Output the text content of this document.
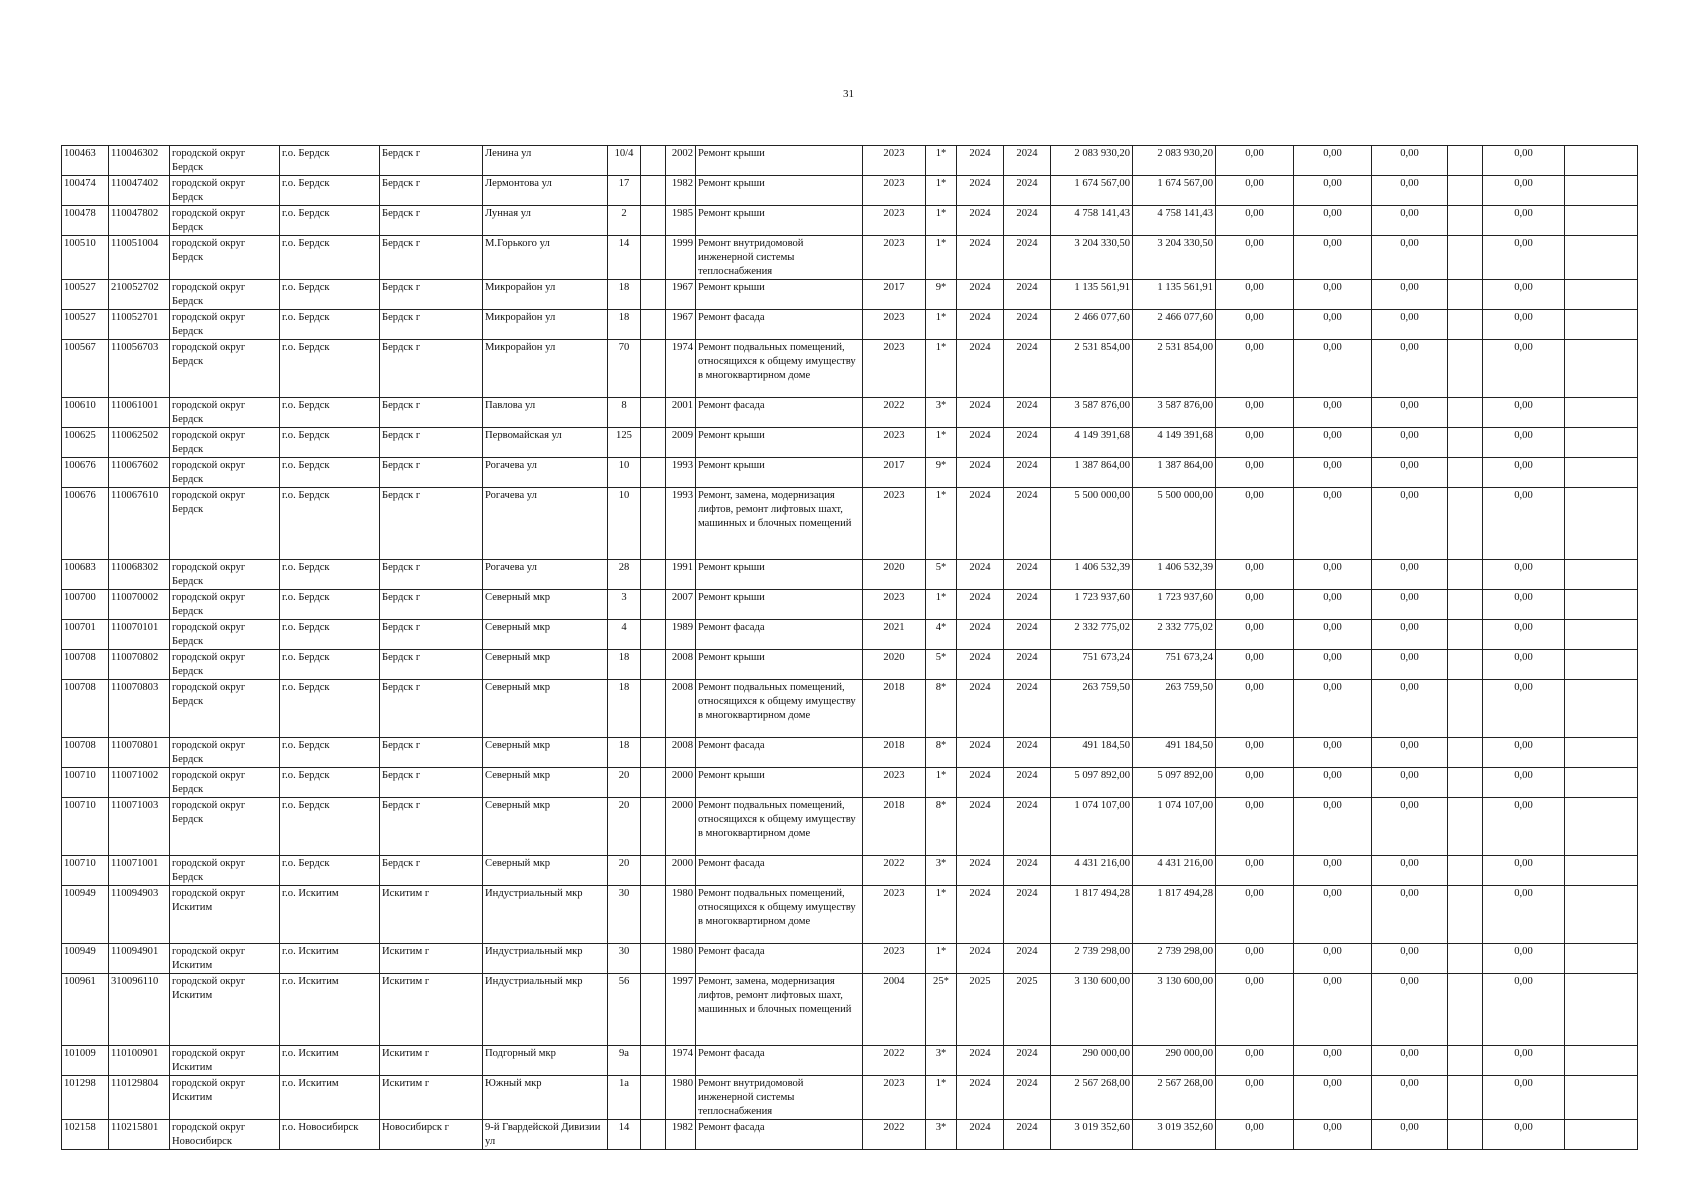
31
100463	110046302	городской округ Бердск	г.о. Бердск	Бердск г	Ленина ул	10/4		2002	Ремонт крыши	2023	1*	2024	2024	2 083 930,20	2 083 930,20	0,00	0,00	0,00		0,00	
100474	110047402	городской округ Бердск	г.о. Бердск	Бердск г	Лермонтова ул	17		1982	Ремонт крыши	2023	1*	2024	2024	1 674 567,00	1 674 567,00	0,00	0,00	0,00		0,00	
100478	110047802	городской округ Бердск	г.о. Бердск	Бердск г	Лунная ул	2		1985	Ремонт крыши	2023	1*	2024	2024	4 758 141,43	4 758 141,43	0,00	0,00	0,00		0,00	
100510	110051004	городской округ Бердск	г.о. Бердск	Бердск г	М.Горького ул	14		1999	Ремонт внутридомовой инженерной системы теплоснабжения	2023	1*	2024	2024	3 204 330,50	3 204 330,50	0,00	0,00	0,00		0,00	
100527	210052702	городской округ Бердск	г.о. Бердск	Бердск г	Микрорайон ул	18		1967	Ремонт крыши	2017	9*	2024	2024	1 135 561,91	1 135 561,91	0,00	0,00	0,00		0,00	
100527	110052701	городской округ Бердск	г.о. Бердск	Бердск г	Микрорайон ул	18		1967	Ремонт фасада	2023	1*	2024	2024	2 466 077,60	2 466 077,60	0,00	0,00	0,00		0,00	
100567	110056703	городской округ Бердск	г.о. Бердск	Бердск г	Микрорайон ул	70		1974	Ремонт подвальных помещений, относящихся к общему имуществу в многоквартирном доме	2023	1*	2024	2024	2 531 854,00	2 531 854,00	0,00	0,00	0,00		0,00	
100610	110061001	городской округ Бердск	г.о. Бердск	Бердск г	Павлова ул	8		2001	Ремонт фасада	2022	3*	2024	2024	3 587 876,00	3 587 876,00	0,00	0,00	0,00		0,00	
100625	110062502	городской округ Бердск	г.о. Бердск	Бердск г	Первомайская ул	125		2009	Ремонт крыши	2023	1*	2024	2024	4 149 391,68	4 149 391,68	0,00	0,00	0,00		0,00	
100676	110067602	городской округ Бердск	г.о. Бердск	Бердск г	Рогачева ул	10		1993	Ремонт крыши	2017	9*	2024	2024	1 387 864,00	1 387 864,00	0,00	0,00	0,00		0,00	
100676	110067610	городской округ Бердск	г.о. Бердск	Бердск г	Рогачева ул	10		1993	Ремонт, замена, модернизация лифтов, ремонт лифтовых шахт, машинных и блочных помещений	2023	1*	2024	2024	5 500 000,00	5 500 000,00	0,00	0,00	0,00		0,00	
100683	110068302	городской округ Бердск	г.о. Бердск	Бердск г	Рогачева ул	28		1991	Ремонт крыши	2020	5*	2024	2024	1 406 532,39	1 406 532,39	0,00	0,00	0,00		0,00	
100700	110070002	городской округ Бердск	г.о. Бердск	Бердск г	Северный мкр	3		2007	Ремонт крыши	2023	1*	2024	2024	1 723 937,60	1 723 937,60	0,00	0,00	0,00		0,00	
100701	110070101	городской округ Бердск	г.о. Бердск	Бердск г	Северный мкр	4		1989	Ремонт фасада	2021	4*	2024	2024	2 332 775,02	2 332 775,02	0,00	0,00	0,00		0,00	
100708	110070802	городской округ Бердск	г.о. Бердск	Бердск г	Северный мкр	18		2008	Ремонт крыши	2020	5*	2024	2024	751 673,24	751 673,24	0,00	0,00	0,00		0,00	
100708	110070803	городской округ Бердск	г.о. Бердск	Бердск г	Северный мкр	18		2008	Ремонт подвальных помещений, относящихся к общему имуществу в многоквартирном доме	2018	8*	2024	2024	263 759,50	263 759,50	0,00	0,00	0,00		0,00	
100708	110070801	городской округ Бердск	г.о. Бердск	Бердск г	Северный мкр	18		2008	Ремонт фасада	2018	8*	2024	2024	491 184,50	491 184,50	0,00	0,00	0,00		0,00	
100710	110071002	городской округ Бердск	г.о. Бердск	Бердск г	Северный мкр	20		2000	Ремонт крыши	2023	1*	2024	2024	5 097 892,00	5 097 892,00	0,00	0,00	0,00		0,00	
100710	110071003	городской округ Бердск	г.о. Бердск	Бердск г	Северный мкр	20		2000	Ремонт подвальных помещений, относящихся к общему имуществу в многоквартирном доме	2018	8*	2024	2024	1 074 107,00	1 074 107,00	0,00	0,00	0,00		0,00	
100710	110071001	городской округ Бердск	г.о. Бердск	Бердск г	Северный мкр	20		2000	Ремонт фасада	2022	3*	2024	2024	4 431 216,00	4 431 216,00	0,00	0,00	0,00		0,00	
100949	110094903	городской округ Искитим	г.о. Искитим	Искитим г	Индустриальный мкр	30		1980	Ремонт подвальных помещений, относящихся к общему имуществу в многоквартирном доме	2023	1*	2024	2024	1 817 494,28	1 817 494,28	0,00	0,00	0,00		0,00	
100949	110094901	городской округ Искитим	г.о. Искитим	Искитим г	Индустриальный мкр	30		1980	Ремонт фасада	2023	1*	2024	2024	2 739 298,00	2 739 298,00	0,00	0,00	0,00		0,00	
100961	310096110	городской округ Искитим	г.о. Искитим	Искитим г	Индустриальный мкр	56		1997	Ремонт, замена, модернизация лифтов, ремонт лифтовых шахт, машинных и блочных помещений	2004	25*	2025	2025	3 130 600,00	3 130 600,00	0,00	0,00	0,00		0,00	
101009	110100901	городской округ Искитим	г.о. Искитим	Искитим г	Подгорный мкр	9а		1974	Ремонт фасада	2022	3*	2024	2024	290 000,00	290 000,00	0,00	0,00	0,00		0,00	
101298	110129804	городской округ Искитим	г.о. Искитим	Искитим г	Южный мкр	1а		1980	Ремонт внутридомовой инженерной системы теплоснабжения	2023	1*	2024	2024	2 567 268,00	2 567 268,00	0,00	0,00	0,00		0,00	
102158	110215801	городской округ Новосибирск	г.о. Новосибирск	Новосибирск г	9-й Гвардейской Дивизии ул	14		1982	Ремонт фасада	2022	3*	2024	2024	3 019 352,60	3 019 352,60	0,00	0,00	0,00		0,00	
